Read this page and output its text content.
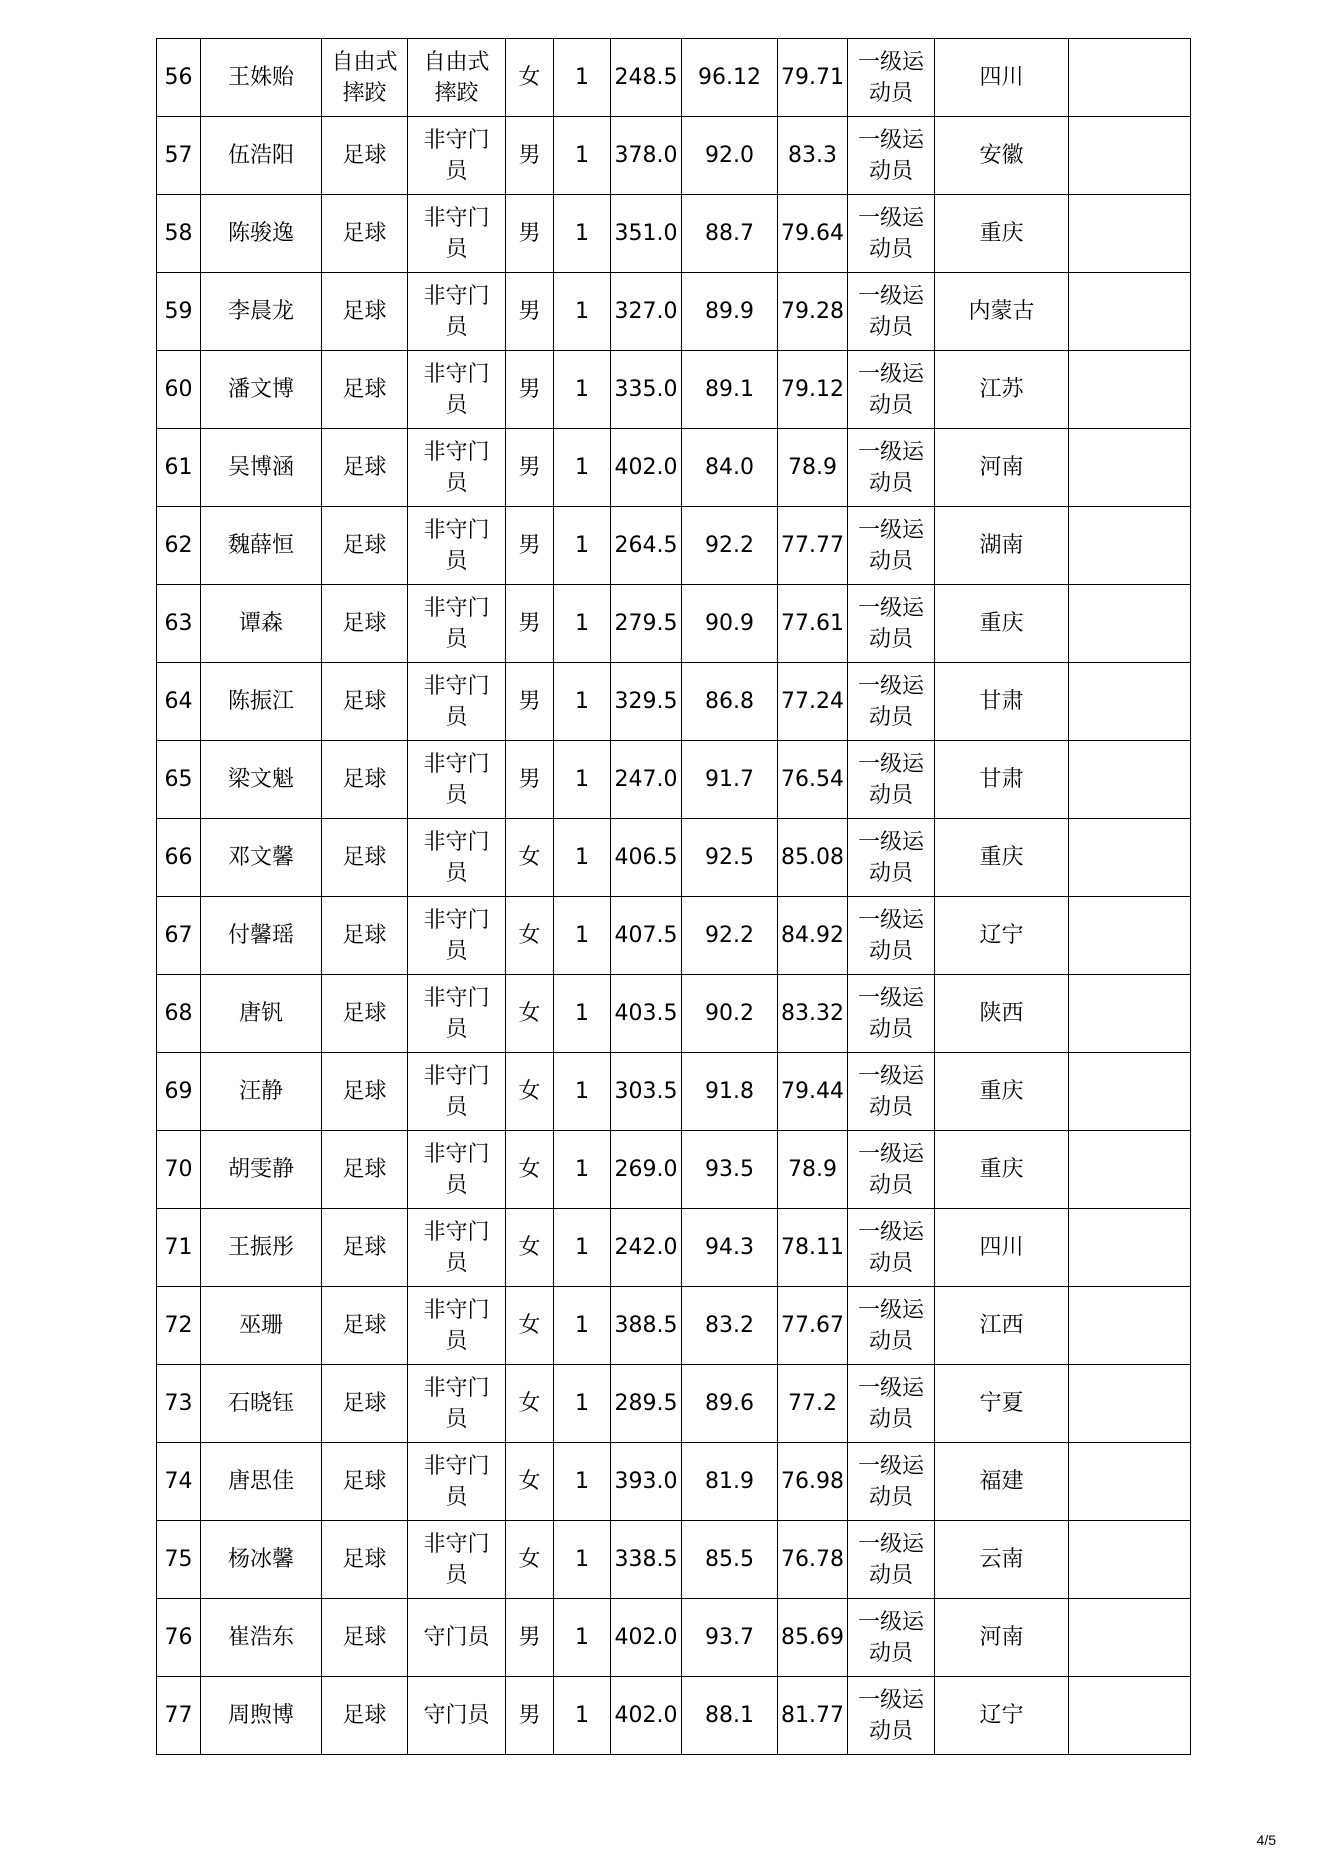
56	王姝贻	自由式摔跤	自由式摔跤	女	1	248.5	96.12	79.71	一级运动员	四川	
57	伍浩阳	足球	非守门员	男	1	378.0	92.0	83.3	一级运动员	安徽	
58	陈骏逸	足球	非守门员	男	1	351.0	88.7	79.64	一级运动员	重庆	
59	李晨龙	足球	非守门员	男	1	327.0	89.9	79.28	一级运动员	内蒙古	
60	潘文博	足球	非守门员	男	1	335.0	89.1	79.12	一级运动员	江苏	
61	吴博涵	足球	非守门员	男	1	402.0	84.0	78.9	一级运动员	河南	
62	魏薛恒	足球	非守门员	男	1	264.5	92.2	77.77	一级运动员	湖南	
63	谭森	足球	非守门员	男	1	279.5	90.9	77.61	一级运动员	重庆	
64	陈振江	足球	非守门员	男	1	329.5	86.8	77.24	一级运动员	甘肃	
65	梁文魁	足球	非守门员	男	1	247.0	91.7	76.54	一级运动员	甘肃	
66	邓文馨	足球	非守门员	女	1	406.5	92.5	85.08	一级运动员	重庆	
67	付馨瑶	足球	非守门员	女	1	407.5	92.2	84.92	一级运动员	辽宁	
68	唐钒	足球	非守门员	女	1	403.5	90.2	83.32	一级运动员	陕西	
69	汪静	足球	非守门员	女	1	303.5	91.8	79.44	一级运动员	重庆	
70	胡雯静	足球	非守门员	女	1	269.0	93.5	78.9	一级运动员	重庆	
71	王振彤	足球	非守门员	女	1	242.0	94.3	78.11	一级运动员	四川	
72	巫珊	足球	非守门员	女	1	388.5	83.2	77.67	一级运动员	江西	
73	石晓钰	足球	非守门员	女	1	289.5	89.6	77.2	一级运动员	宁夏	
74	唐思佳	足球	非守门员	女	1	393.0	81.9	76.98	一级运动员	福建	
75	杨冰馨	足球	非守门员	女	1	338.5	85.5	76.78	一级运动员	云南	
76	崔浩东	足球	守门员	男	1	402.0	93.7	85.69	一级运动员	河南	
77	周煦博	足球	守门员	男	1	402.0	88.1	81.77	一级运动员	辽宁	
4/5
